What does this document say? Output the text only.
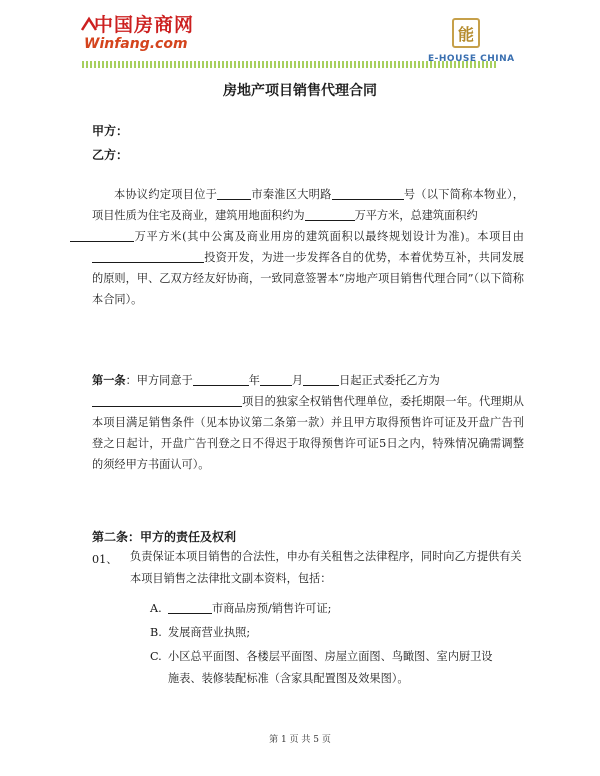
中国房商网
Winfang.com
能
E-HOUSE CHINA
房地产项目销售代理合同
甲方：
乙方：
本协议约定项目位于	市秦淮区大明路	号（以下简称本物业），项目性质为住宅及商业，建筑用地面积约为	万平方米，总建筑面积约
万平方米(其中公寓及商业用房的建筑面积以最终规划设计为准)。本项目由投资开发，为进一步发挥各自的优势，本着优势互补，共同发展的原则，甲、乙双方经友好协商，一致同意签署本“房地产项目销售代理合同”（以下简称本合同）。
第一条：甲方同意于	年	月	日起正式委托乙方为
项目的独家全权销售代理单位，委托期限一年。代理期从本项目满足销售条件（见本协议第二条第一款）并且甲方取得预售许可证及开盘广告刊登之日起计，开盘广告刊登之日不得迟于取得预售许可证5日之内，特殊情况确需调整的须经甲方书面认可）。
第二条：甲方的责任及权利
01、 负责保证本项目销售的合法性，申办有关租售之法律程序，同时向乙方提供有关本项目销售之法律批文副本资料，包括：
A.	市商品房预/销售许可证;
B. 发展商营业执照;
C. 小区总平面图、各楼层平面图、房屋立面图、鸟瞰图、室内厨卫设
施表、装修装配标准（含家具配置图及效果图）。
第 1 页 共 5 页
